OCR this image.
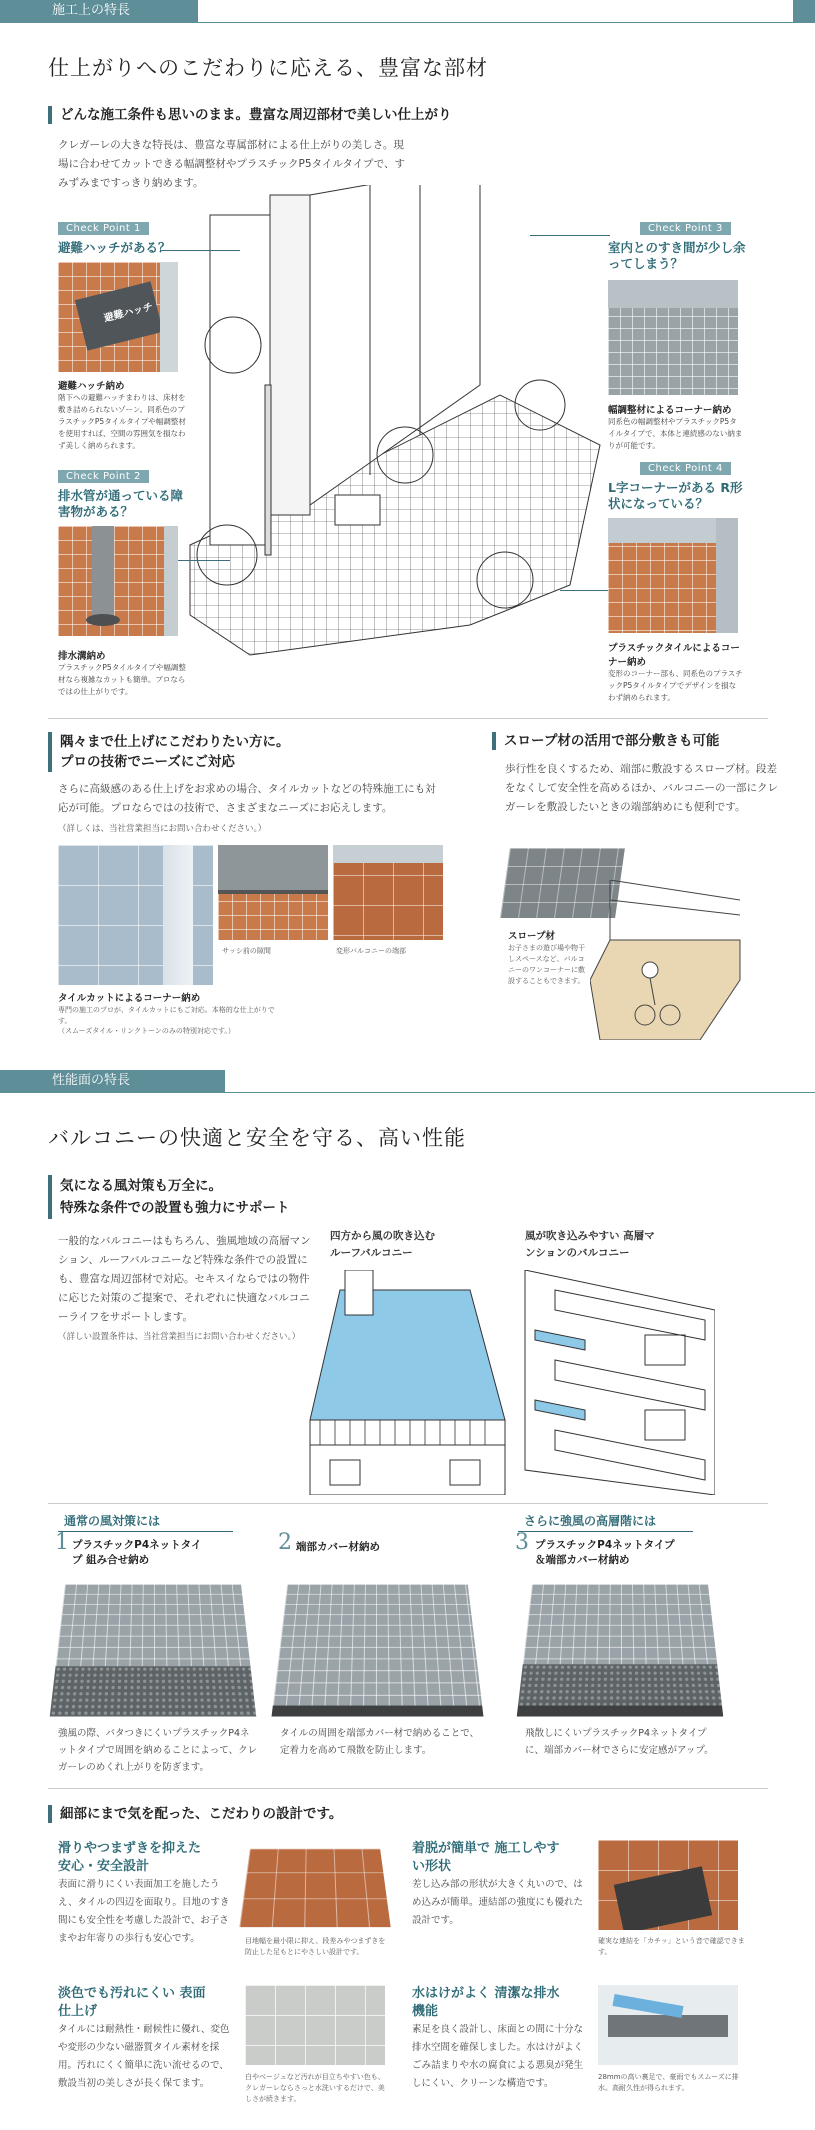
施工上の特長
仕上がりへのこだわりに応える、豊富な部材
どんな施工条件も思いのまま。豊富な周辺部材で美しい仕上がり
クレガーレの大きな特長は、豊富な専属部材による仕上がりの美しさ。現場に合わせてカットできる幅調整材やプラスチックP5タイルタイプで、すみずみまですっきり納めます。
Check Point 1
避難ハッチがある？
避難ハッチ
避難ハッチ納め
階下への避難ハッチまわりは、床材を敷き詰められないゾーン。同系色のプラスチックP5タイルタイプや幅調整材を使用すれば、空間の雰囲気を損なわず美しく納められます。
Check Point 2
排水管が通っている障害物がある？
排水溝納め
プラスチックP5タイルタイプや幅調整材なら複雑なカットも簡単。プロならではの仕上がりです。
Check Point 3
室内とのすき間が少し余ってしまう？
幅調整材によるコーナー納め
同系色の幅調整材やプラスチックP5タイルタイプで、本体と連続感のない納まりが可能です。
Check Point 4
L字コーナーがある R形状になっている？
プラスチックタイルによるコーナー納め
変形のコーナー部も、同系色のプラスチックP5タイルタイプでデザインを損なわず納められます。
隅々まで仕上げにこだわりたい方に。
プロの技術でニーズにご対応
さらに高級感のある仕上げをお求めの場合、タイルカットなどの特殊施工にも対応が可能。プロならではの技術で、さまざまなニーズにお応えします。
（詳しくは、当社営業担当にお問い合わせください。）
サッシ前の隙間	変形バルコニーの端部
タイルカットによるコーナー納め
専門の施工のプロが、タイルカットにもご対応。本格的な仕上がりです。
（スムーズタイル・リンクトーンのみの特別対応です。）
スロープ材の活用で部分敷きも可能
歩行性を良くするため、端部に敷設するスロープ材。段差をなくして安全性を高めるほか、バルコニーの一部にクレガーレを敷設したいときの端部納めにも便利です。
スロープ材
お子さまの遊び場や物干しスペースなど、バルコニーのワンコーナーに敷設することもできます。
性能面の特長
バルコニーの快適と安全を守る、高い性能
気になる風対策も万全に。
特殊な条件での設置も強力にサポート
一般的なバルコニーはもちろん、強風地域の高層マンション、ルーフバルコニーなど特殊な条件での設置にも、豊富な周辺部材で対応。セキスイならではの物件に応じた対策のご提案で、それぞれに快適なバルコニーライフをサポートします。
（詳しい設置条件は、当社営業担当にお問い合わせください。）
四方から風の吹き込む ルーフバルコニー
風が吹き込みやすい 高層マンションのバルコニー
通常の風対策には	さらに強風の高層階には
1 プラスチックP4ネットタイプ 組み合せ納め
強風の際、バタつきにくいプラスチックP4ネットタイプで周囲を納めることによって、クレガーレのめくれ上がりを防ぎます。
2 端部カバー材納め
タイルの周囲を端部カバー材で納めることで、定着力を高めて飛散を防止します。
3 プラスチックP4ネットタイプ ＆端部カバー材納め
飛散しにくいプラスチックP4ネットタイプに、端部カバー材でさらに安定感がアップ。
細部にまで気を配った、こだわりの設計です。
滑りやつまずきを抑えた 安心・安全設計
表面に滑りにくい表面加工を施したうえ、タイルの四辺を面取り。目地のすき間にも安全性を考慮した設計で、お子さまやお年寄りの歩行も安心です。	目地幅を最小限に抑え、段差みやつまずきを防止した足もとにやさしい設計です。
着脱が簡単で 施工しやすい形状
差し込み部の形状が大きく丸いので、はめ込みが簡単。連結部の強度にも優れた設計です。
確実な連結を「カチッ」という音で確認できます。
淡色でも汚れにくい 表面仕上げ
タイルには耐熱性・耐候性に優れ、変色や変形の少ない磁器質タイル素材を採用。汚れにくく簡単に洗い流せるので、敷設当初の美しさが長く保てます。
白やベージュなど汚れが目立ちやすい色も、クレガーレならさっと水洗いするだけで、美しさが続きます。
水はけがよく 清潔な排水機能
素足を良く設計し、床面との間に十分な排水空間を確保しました。水はけがよくごみ詰まりや水の腐食による悪臭が発生しにくい、クリーンな構造です。
28mmの高い裏足で、豪雨でもスムーズに排水。高耐久性が得られます。
